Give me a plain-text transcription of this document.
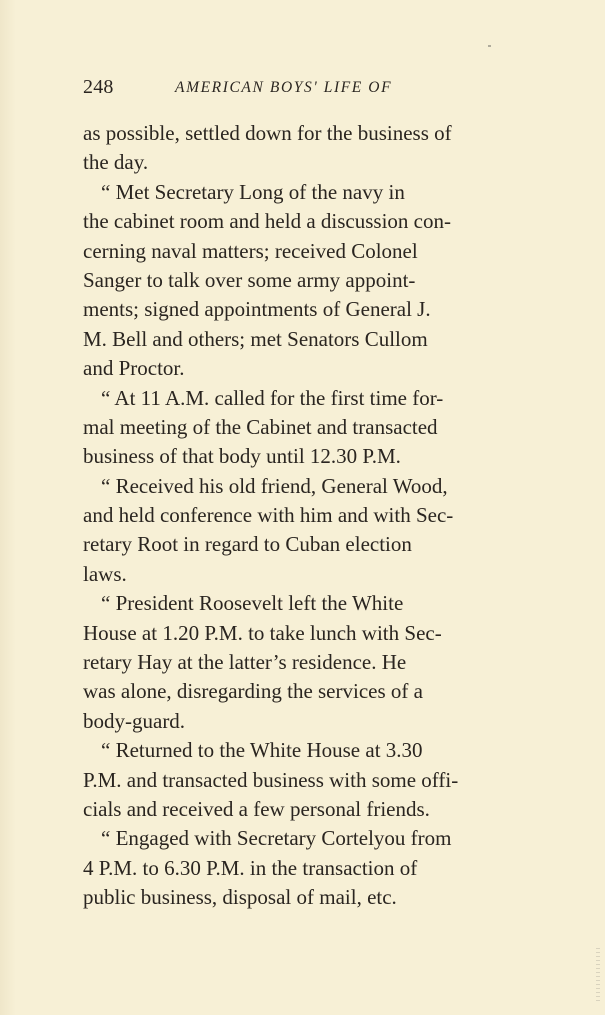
248	AMERICAN BOYS' LIFE OF
as possible, settled down for the business of
the day.
“ Met Secretary Long of the navy in
the cabinet room and held a discussion con-
cerning naval matters; received Colonel
Sanger to talk over some army appoint-
ments; signed appointments of General J.
M. Bell and others; met Senators Cullom
and Proctor.
“ At 11 A.M. called for the first time for-
mal meeting of the Cabinet and transacted
business of that body until 12.30 P.M.
“ Received his old friend, General Wood,
and held conference with him and with Sec-
retary Root in regard to Cuban election
laws.
“ President Roosevelt left the White
House at 1.20 P.M. to take lunch with Sec-
retary Hay at the latter’s residence. He
was alone, disregarding the services of a
body-guard.
“ Returned to the White House at 3.30
P.M. and transacted business with some offi-
cials and received a few personal friends.
“ Engaged with Secretary Cortelyou from
4 P.M. to 6.30 P.M. in the transaction of
public business, disposal of mail, etc.
